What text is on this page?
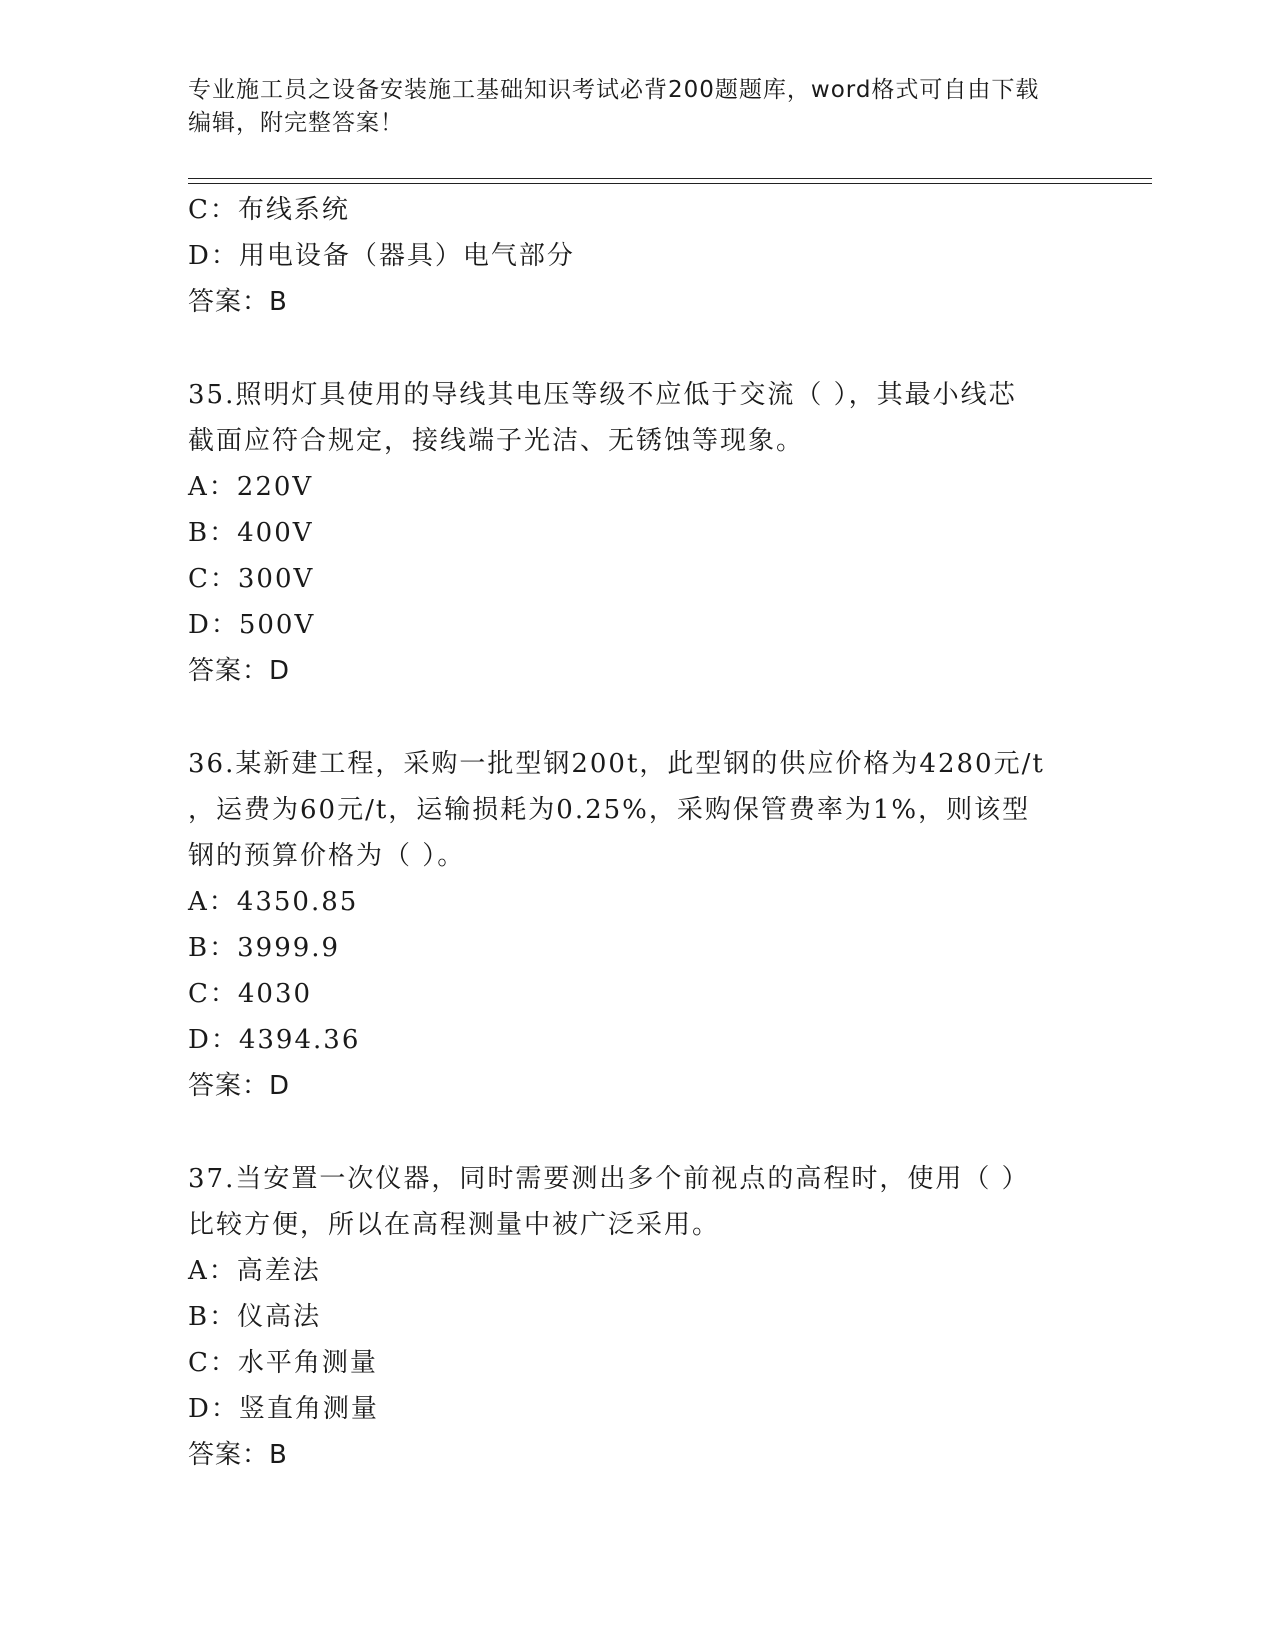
专业施工员之设备安装施工基础知识考试必背200题题库，word格式可自由下载
编辑，附完整答案！
C：布线系统
D：用电设备（器具）电气部分
答案：B
35.照明灯具使用的导线其电压等级不应低于交流（ ），其最小线芯
截面应符合规定，接线端子光洁、无锈蚀等现象。
A：220V
B：400V
C：300V
D：500V
答案：D
36.某新建工程，采购一批型钢200t，此型钢的供应价格为4280元/t
，运费为60元/t，运输损耗为0.25%，采购保管费率为1%，则该型
钢的预算价格为（ ）。
A：4350.85
B：3999.9
C：4030
D：4394.36
答案：D
37.当安置一次仪器，同时需要测出多个前视点的高程时，使用（ ）
比较方便，所以在高程测量中被广泛采用。
A：高差法
B：仪高法
C：水平角测量
D：竖直角测量
答案：B
